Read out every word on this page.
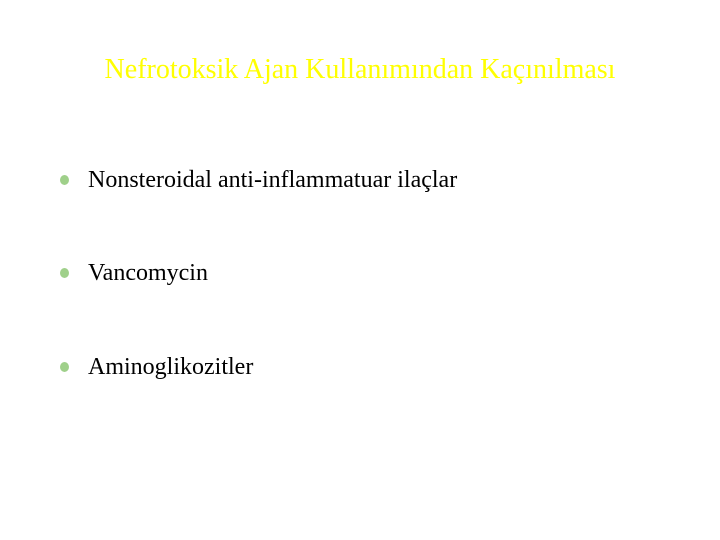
Nefrotoksik Ajan Kullanımından Kaçınılması
Nonsteroidal anti-inflammatuar ilaçlar
Vancomycin
Aminoglikozitler
